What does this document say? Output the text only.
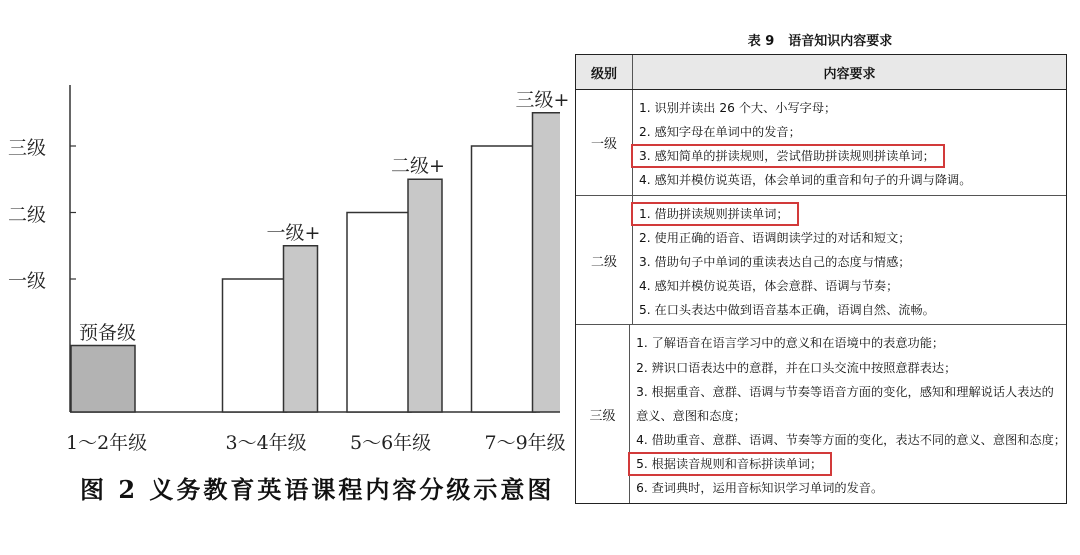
一级
二级
三级
1～2年级
预备级
3～4年级
一级+
5～6年级
二级+
7～9年级
三级+
图 2 义务教育英语课程内容分级示意图
表 9 语音知识内容要求
级别	内容要求
一级
1. 识别并读出 26 个大、小写字母；
2. 感知字母在单词中的发音；
3. 感知简单的拼读规则，尝试借助拼读规则拼读单词；
4. 感知并模仿说英语，体会单词的重音和句子的升调与降调。
二级
1. 借助拼读规则拼读单词；
2. 使用正确的语音、语调朗读学过的对话和短文；
3. 借助句子中单词的重读表达自己的态度与情感；
4. 感知并模仿说英语，体会意群、语调与节奏；
5. 在口头表达中做到语音基本正确，语调自然、流畅。
三级
1. 了解语音在语言学习中的意义和在语境中的表意功能；
2. 辨识口语表达中的意群，并在口头交流中按照意群表达；
3. 根据重音、意群、语调与节奏等语音方面的变化，感知和理解说话人表达的意义、意图和态度；
4. 借助重音、意群、语调、节奏等方面的变化，表达不同的意义、意图和态度；
5. 根据读音规则和音标拼读单词；
6. 查词典时，运用音标知识学习单词的发音。
